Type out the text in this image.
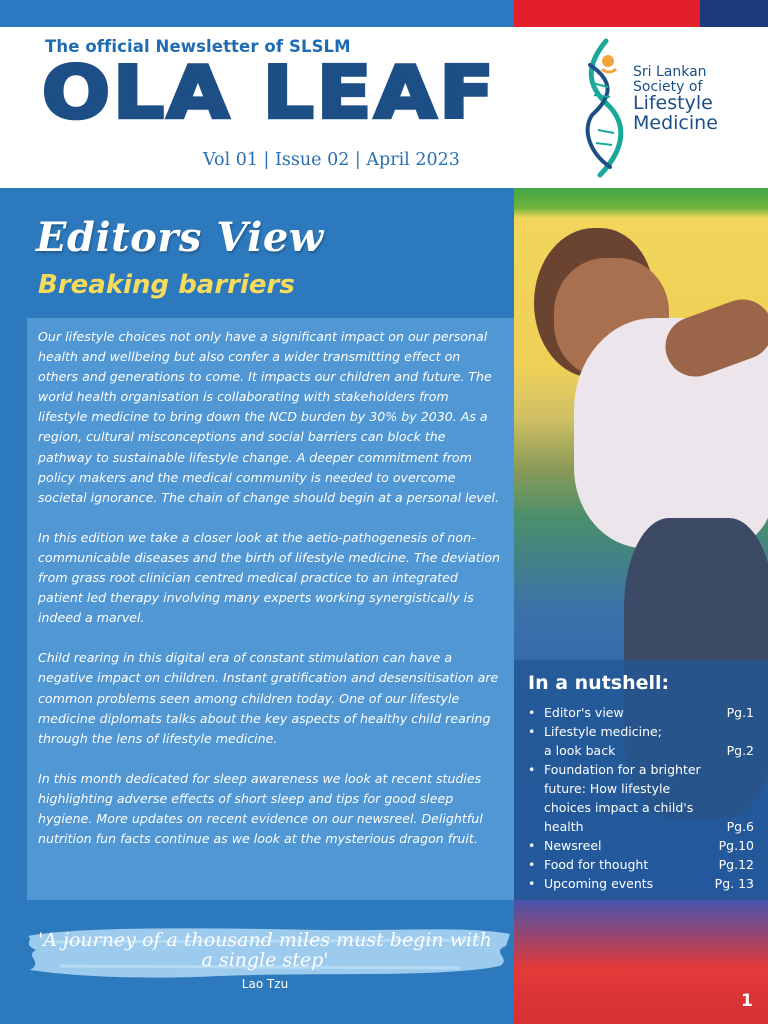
The official Newsletter of SLSLM
OLA LEAF
Vol 01 | Issue 02 | April 2023
Sri Lankan
Society of
Lifestyle
Medicine
Editors View
Breaking barriers

Our lifestyle choices not only have a significant impact on our personal health and wellbeing but also confer a wider transmitting effect on others and generations to come. It impacts our children and future. The world health organisation is collaborating with stakeholders from lifestyle medicine to bring down the NCD burden by 30% by 2030. As a region, cultural misconceptions and social barriers can block the pathway to sustainable lifestyle change. A deeper commitment from policy makers and the medical community is needed to overcome societal ignorance. The chain of change should begin at a personal level.

In this edition we take a closer look at the aetio-pathogenesis of non-communicable diseases and the birth of lifestyle medicine. The deviation from grass root clinician centred medical practice to an integrated patient led therapy involving many experts working synergistically is indeed a marvel.

Child rearing in this digital era of constant stimulation can have a negative impact on children. Instant gratification and desensitisation are common problems seen among children today. One of our lifestyle medicine diplomats talks about the key aspects of healthy child rearing through the lens of lifestyle medicine.

In this month dedicated for sleep awareness we look at recent studies highlighting adverse effects of short sleep and tips for good sleep hygiene. More updates on recent evidence on our newsreel. Delightful nutrition fun facts continue as we look at the mysterious dragon fruit.

In a nutshell:
• Editor's view	Pg.1
• Lifestyle medicine;
a look back	Pg.2
• Foundation for a brighter future: How lifestyle choices impact a child's health	Pg.6
• Newsreel	Pg.10
• Food for thought	Pg.12
• Upcoming events	Pg. 13
'A journey of a thousand miles must begin with a single step'
Lao Tzu
1
